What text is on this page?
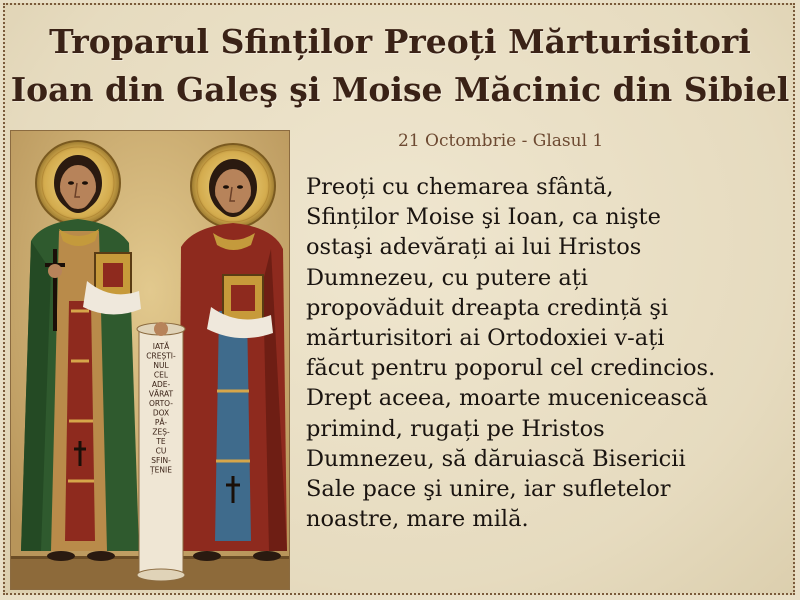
Troparul Sfinților Preoți Mărturisitori
Ioan din Galeş şi Moise Măcinic din Sibiel
IATĂ CREȘTI-NUL CEL ADE-VĂRAT ORTO-DOX PĂ-ZEȘ-TE CU SFIN-ȚENIE
21 Octombrie - Glasul 1

Preoți cu chemarea sfântă,
Sfinților Moise şi Ioan, ca nişte
ostaşi adevărați ai lui Hristos
Dumnezeu, cu putere ați
propovăduit dreapta credință şi
mărturisitori ai Ortodoxiei v-ați
făcut pentru poporul cel credincios.
Drept aceea, moarte mucenicească
primind, rugați pe Hristos
Dumnezeu, să dăruiască Bisericii
Sale pace şi unire, iar sufletelor
noastre, mare milă.
